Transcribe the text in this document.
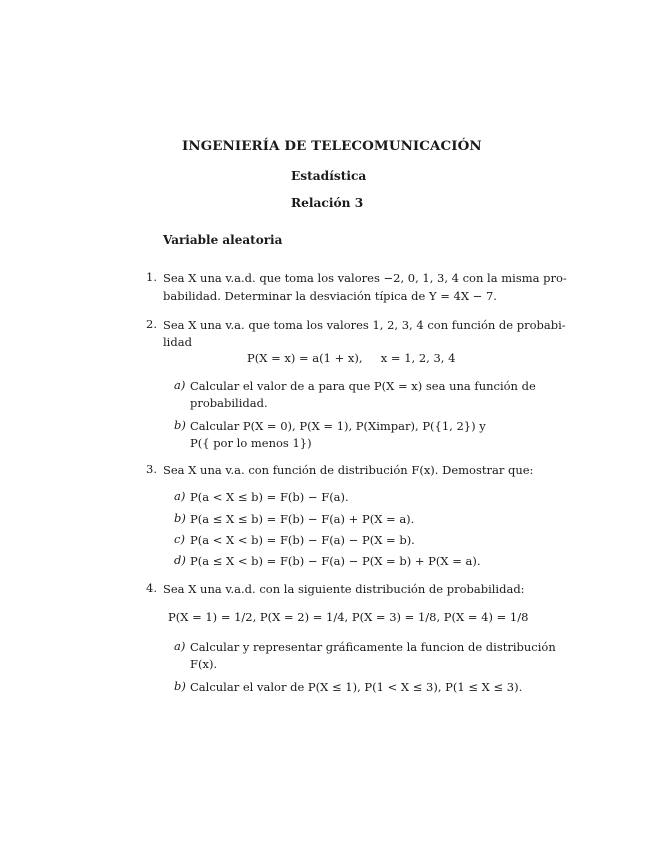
INGENIERÍA DE TELECOMUNICACIÓN
Estadística
Relación 3
Variable aleatoria
1. Sea X una v.a.d. que toma los valores −2, 0, 1, 3, 4 con la misma pro-
babilidad. Determinar la desviación típica de Y = 4X − 7.
2. Sea X una v.a. que toma los valores 1, 2, 3, 4 con función de probabi-
lidad
P(X = x) = a(1 + x),     x = 1, 2, 3, 4
a) Calcular el valor de a para que P(X = x) sea una función de
probabilidad.
b) Calcular P(X = 0), P(X = 1), P(Ximpar), P({1, 2}) y
P({ por lo menos 1})
3. Sea X una v.a. con función de distribución F(x). Demostrar que:
a) P(a < X ≤ b) = F(b) − F(a).
b) P(a ≤ X ≤ b) = F(b) − F(a) + P(X = a).
c) P(a < X < b) = F(b) − F(a) − P(X = b).
d) P(a ≤ X < b) = F(b) − F(a) − P(X = b) + P(X = a).
4. Sea X una v.a.d. con la siguiente distribución de probabilidad:
P(X = 1) = 1/2, P(X = 2) = 1/4, P(X = 3) = 1/8, P(X = 4) = 1/8
a) Calcular y representar gráficamente la funcion de distribución
F(x).
b) Calcular el valor de P(X ≤ 1), P(1 < X ≤ 3), P(1 ≤ X ≤ 3).
